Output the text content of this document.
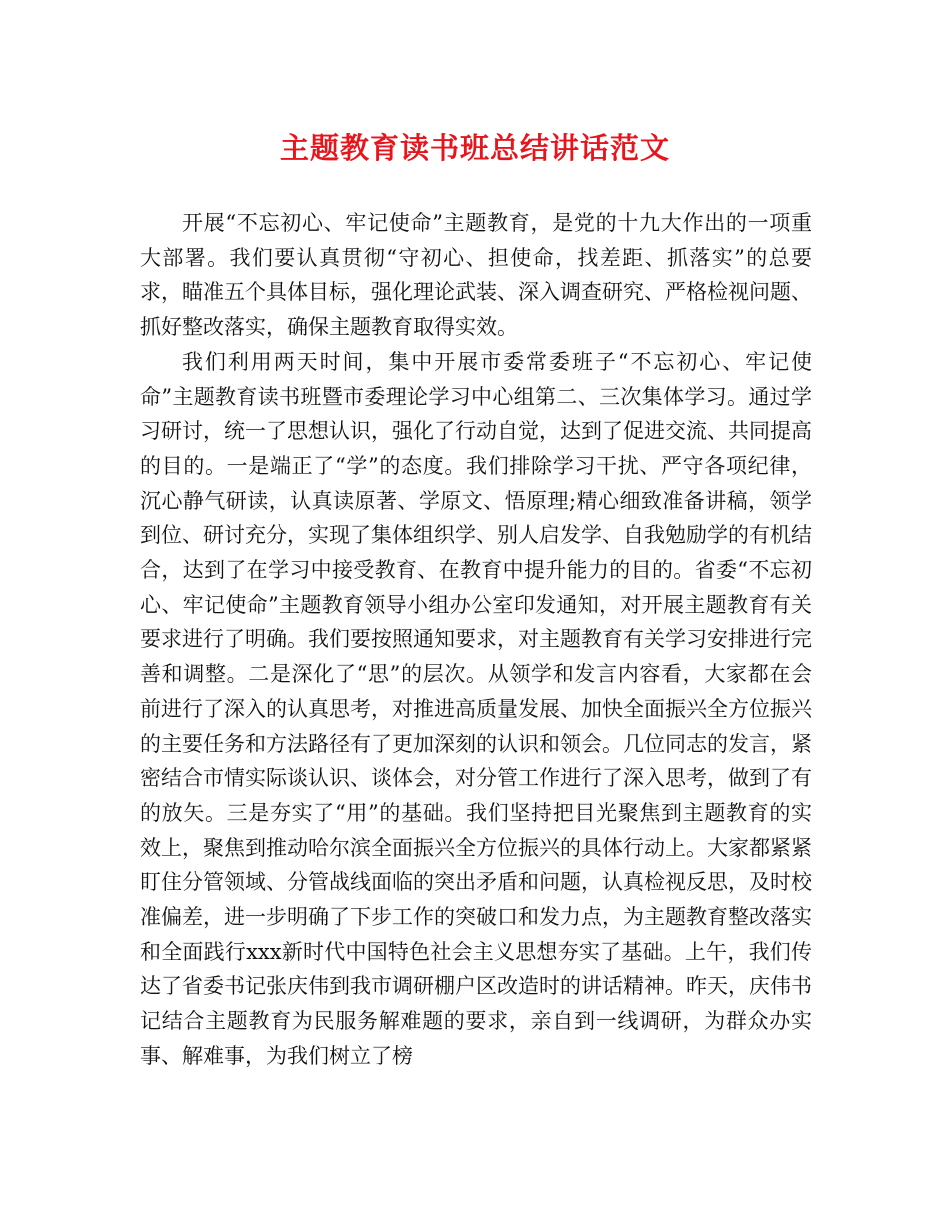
主题教育读书班总结讲话范文

开展“不忘初心、牢记使命”主题教育，是党的十九大作出的一项重大部署。我们要认真贯彻“守初心、担使命，找差距、抓落实”的总要求，瞄准五个具体目标，强化理论武装、深入调查研究、严格检视问题、抓好整改落实，确保主题教育取得实效。

我们利用两天时间，集中开展市委常委班子“不忘初心、牢记使命”主题教育读书班暨市委理论学习中心组第二、三次集体学习。通过学习研讨，统一了思想认识，强化了行动自觉，达到了促进交流、共同提高的目的。一是端正了“学”的态度。我们排除学习干扰、严守各项纪律，沉心静气研读，认真读原著、学原文、悟原理;精心细致准备讲稿，领学到位、研讨充分，实现了集体组织学、别人启发学、自我勉励学的有机结合，达到了在学习中接受教育、在教育中提升能力的目的。省委“不忘初心、牢记使命”主题教育领导小组办公室印发通知，对开展主题教育有关要求进行了明确。我们要按照通知要求，对主题教育有关学习安排进行完善和调整。二是深化了“思”的层次。从领学和发言内容看，大家都在会前进行了深入的认真思考，对推进高质量发展、加快全面振兴全方位振兴的主要任务和方法路径有了更加深刻的认识和领会。几位同志的发言，紧密结合市情实际谈认识、谈体会，对分管工作进行了深入思考，做到了有的放矢。三是夯实了“用”的基础。我们坚持把目光聚焦到主题教育的实效上，聚焦到推动哈尔滨全面振兴全方位振兴的具体行动上。大家都紧紧盯住分管领域、分管战线面临的突出矛盾和问题，认真检视反思，及时校准偏差，进一步明确了下步工作的突破口和发力点，为主题教育整改落实和全面践行xxx新时代中国特色社会主义思想夯实了基础。上午，我们传达了省委书记张庆伟到我市调研棚户区改造时的讲话精神。昨天，庆伟书记结合主题教育为民服务解难题的要求，亲自到一线调研，为群众办实事、解难事，为我们树立了榜
